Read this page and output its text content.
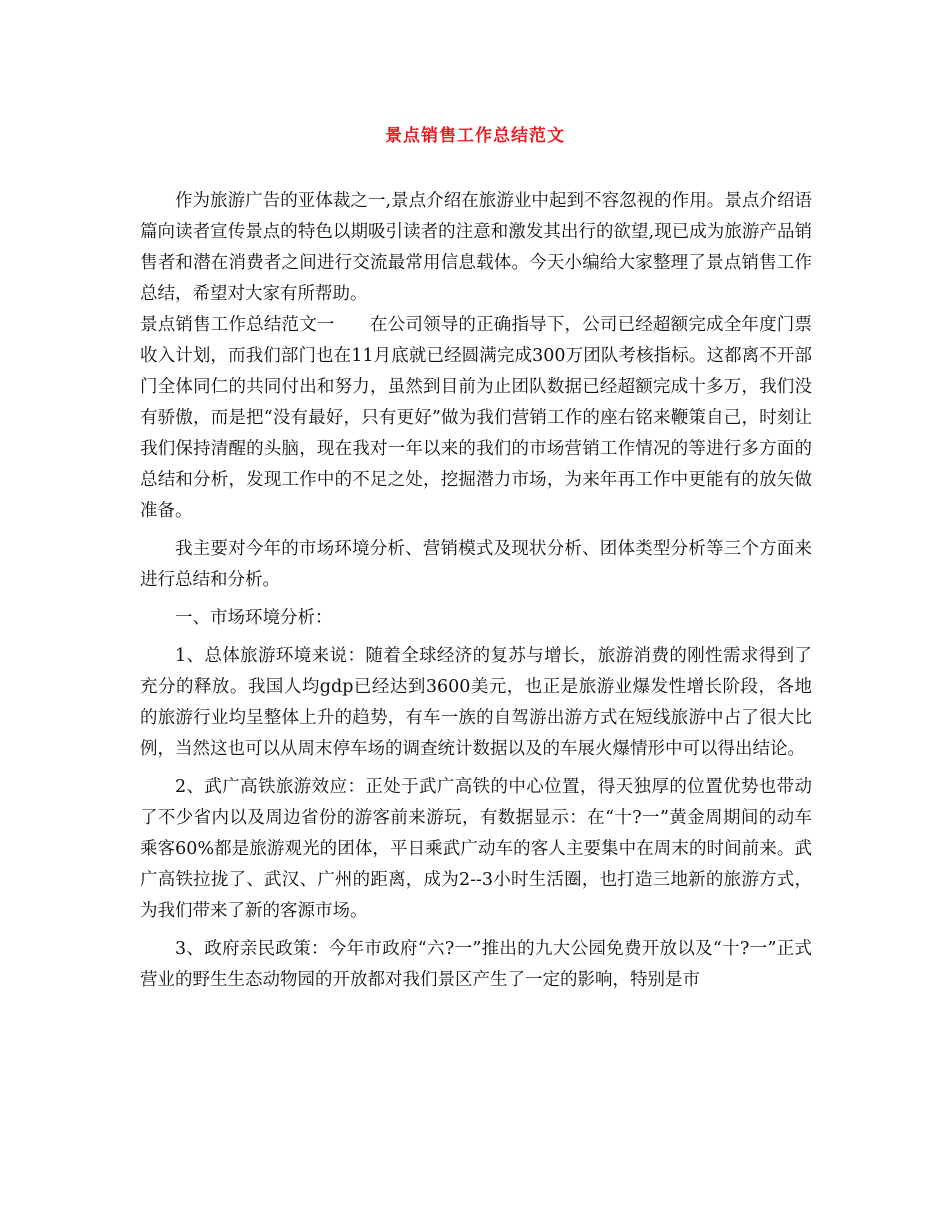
景点销售工作总结范文

作为旅游广告的亚体裁之一,景点介绍在旅游业中起到不容忽视的作用。景点介绍语篇向读者宣传景点的特色以期吸引读者的注意和激发其出行的欲望,现已成为旅游产品销售者和潜在消费者之间进行交流最常用信息载体。今天小编给大家整理了景点销售工作总结，希望对大家有所帮助。

景点销售工作总结范文一　　在公司领导的正确指导下，公司已经超额完成全年度门票收入计划，而我们部门也在11月底就已经圆满完成300万团队考核指标。这都离不开部门全体同仁的共同付出和努力，虽然到目前为止团队数据已经超额完成十多万，我们没有骄傲，而是把“没有最好，只有更好”做为我们营销工作的座右铭来鞭策自己，时刻让我们保持清醒的头脑，现在我对一年以来的我们的市场营销工作情况的等进行多方面的总结和分析，发现工作中的不足之处，挖掘潜力市场，为来年再工作中更能有的放矢做准备。

我主要对今年的市场环境分析、营销模式及现状分析、团体类型分析等三个方面来进行总结和分析。

一、市场环境分析：

1、总体旅游环境来说：随着全球经济的复苏与增长，旅游消费的刚性需求得到了充分的释放。我国人均gdp已经达到3600美元，也正是旅游业爆发性增长阶段，各地的旅游行业均呈整体上升的趋势，有车一族的自驾游出游方式在短线旅游中占了很大比例，当然这也可以从周末停车场的调查统计数据以及的车展火爆情形中可以得出结论。

2、武广高铁旅游效应：正处于武广高铁的中心位置，得天独厚的位置优势也带动了不少省内以及周边省份的游客前来游玩，有数据显示：在“十?一”黄金周期间的动车乘客60%都是旅游观光的团体，平日乘武广动车的客人主要集中在周末的时间前来。武广高铁拉拢了、武汉、广州的距离，成为2--3小时生活圈，也打造三地新的旅游方式，为我们带来了新的客源市场。

3、政府亲民政策：今年市政府“六?一”推出的九大公园免费开放以及“十?一”正式营业的野生生态动物园的开放都对我们景区产生了一定的影响，特别是市
